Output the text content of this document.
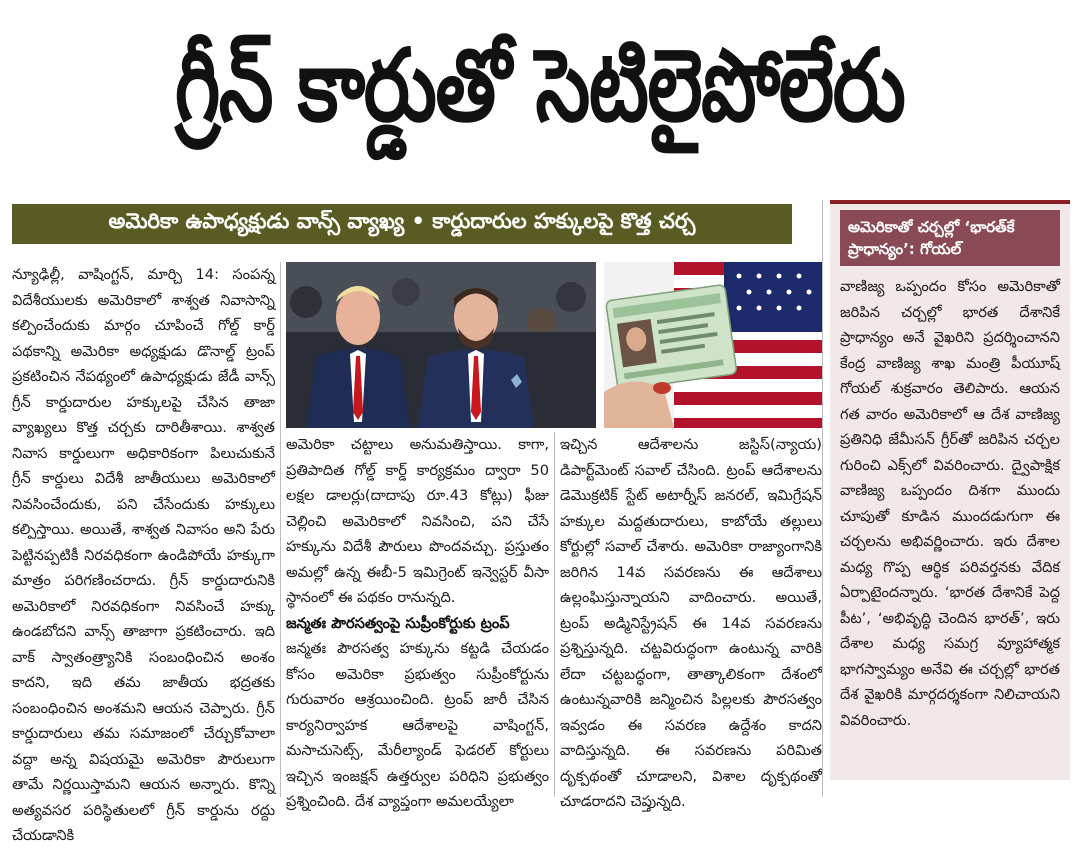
గ్రీన్ కార్డుతో సెటిలైపోలేరు
అమెరికా ఉపాధ్యక్షుడు వాన్స్ వ్యాఖ్య • కార్డుదారుల హక్కులపై కొత్త చర్చ
న్యూఢిల్లీ, వాషింగ్టన్, మార్చి 14: సంపన్న విదేశీయులకు అమెరికాలో శాశ్వత నివాసాన్ని కల్పించేందుకు మార్గం చూపించే గోల్డ్ కార్డ్ పథకాన్ని అమెరికా అధ్యక్షుడు డొనాల్డ్ ట్రంప్ ప్రకటించిన నేపథ్యంలో ఉపాధ్యక్షుడు జేడీ వాన్స్ గ్రీన్ కార్డుదారుల హక్కులపై చేసిన తాజా వ్యాఖ్యలు కొత్త చర్చకు దారితీశాయి. శాశ్వత నివాస కార్డులుగా అధికారికంగా పిలుచుకునే గ్రీన్ కార్డులు విదేశీ జాతీయులు అమెరికాలో నివసించేందుకు, పని చేసేందుకు హక్కులు కల్పిస్తాయి. అయితే, శాశ్వత నివాసం అని పేరు పెట్టినప్పటికీ నిరవధికంగా ఉండిపోయే హక్కుగా మాత్రం పరిగణించరాదు. గ్రీన్ కార్డుదారునికి అమెరికాలో నిరవధికంగా నివసించే హక్కు ఉండబోదని వాన్స్ తాజాగా ప్రకటించారు. ఇది వాక్ స్వాతంత్ర్యానికి సంబంధించిన అంశం కాదని, ఇది తమ జాతీయ భద్రతకు సంబంధించిన అంశమని ఆయన చెప్పారు. గ్రీన్ కార్డుదారులు తమ సమాజంలో చేర్చుకోవాలా వద్దా అన్న విషయమై అమెరికా పౌరులుగా తామే నిర్ణయిస్తామని ఆయన అన్నారు. కొన్ని అత్యవసర పరిస్థితులలో గ్రీన్ కార్డును రద్దు చేయడానికి
అమెరికా చట్టాలు అనుమతిస్తాయి. కాగా, ప్రతిపాదిత గోల్డ్ కార్డ్ కార్యక్రమం ద్వారా 50 లక్షల డాలర్లు(దాదాపు రూ.43 కోట్లు) ఫీజు చెల్లించి అమెరికాలో నివసించి, పని చేసే హక్కును విదేశీ పౌరులు పొందవచ్చు. ప్రస్తుతం అమల్లో ఉన్న ఈబీ-5 ఇమిగ్రెంట్ ఇన్వెస్టర్ వీసా స్థానంలో ఈ పథకం రానున్నది.
జన్మతః పౌరసత్వంపై సుప్రీంకోర్టుకు ట్రంప్
జన్మతః పౌరసత్వ హక్కును కట్టడి చేయడం కోసం అమెరికా ప్రభుత్వం సుప్రీంకోర్టును గురువారం ఆశ్రయించింది. ట్రంప్ జారీ చేసిన కార్యనిర్వాహక ఆదేశాలపై వాషింగ్టన్, మసాచుసెట్స్, మేరీల్యాండ్ ఫెడరల్ కోర్టులు ఇచ్చిన ఇంజక్షన్ ఉత్తర్వుల పరిధిని ప్రభుత్వం ప్రశ్నించింది. దేశ వ్యాప్తంగా అమలయ్యేలా
ఇచ్చిన ఆదేశాలను జస్టిస్(న్యాయ) డిపార్ట్‌మెంట్ సవాల్ చేసింది. ట్రంప్ ఆదేశాలను డెమొక్రటిక్ స్టేట్ అటార్నీస్ జనరల్, ఇమిగ్రేషన్ హక్కుల మద్దతుదారులు, కాబోయే తల్లులు కోర్టుల్లో సవాల్ చేశారు. అమెరికా రాజ్యాంగానికి జరిగిన 14వ సవరణను ఈ ఆదేశాలు ఉల్లంఘిస్తున్నాయని వాదించారు. అయితే, ట్రంప్ అడ్మినిస్ట్రేషన్ ఈ 14వ సవరణను ప్రశ్నిస్తున్నది. చట్టవిరుద్ధంగా ఉంటున్న వారికి లేదా చట్టబద్ధంగా, తాత్కాలికంగా దేశంలో ఉంటున్నవారికి జన్మించిన పిల్లలకు పౌరసత్వం ఇవ్వడం ఈ సవరణ ఉద్దేశం కాదని వాదిస్తున్నది. ఈ సవరణను పరిమిత దృక్పథంతో చూడాలని, విశాల దృక్పథంతో చూడరాదని చెప్తున్నది.
అమెరికాతో చర్చల్లో ‘భారత్‌కే ప్రాధాన్యం’: గోయల్
వాణిజ్య ఒప్పందం కోసం అమెరికాతో జరిపిన చర్చల్లో భారత దేశానికే ప్రాధాన్యం అనే వైఖరిని ప్రదర్శించానని కేంద్ర వాణిజ్య శాఖ మంత్రి పీయూష్ గోయల్ శుక్రవారం తెలిపారు. ఆయన గత వారం అమెరికాలో ఆ దేశ వాణిజ్య ప్రతినిధి జేమీసన్ గ్రీర్‌తో జరిపిన చర్చల గురించి ఎక్స్‌లో వివరించారు. ద్వైపాక్షిక వాణిజ్య ఒప్పందం దిశగా ముందు చూపుతో కూడిన ముందడుగుగా ఈ చర్చలను అభివర్ణించారు. ఇరు దేశాల మధ్య గొప్ప ఆర్థిక పరివర్తనకు వేదిక ఏర్పాటైందన్నారు. ‘భారత దేశానికే పెద్ద పీట’, ‘అభివృద్ధి చెందిన భారత్’, ఇరు దేశాల మధ్య సమగ్ర వ్యూహాత్మక భాగస్వామ్యం అనేవి ఈ చర్చల్లో భారత దేశ వైఖరికి మార్గదర్శకంగా నిలిచాయని వివరించారు.
